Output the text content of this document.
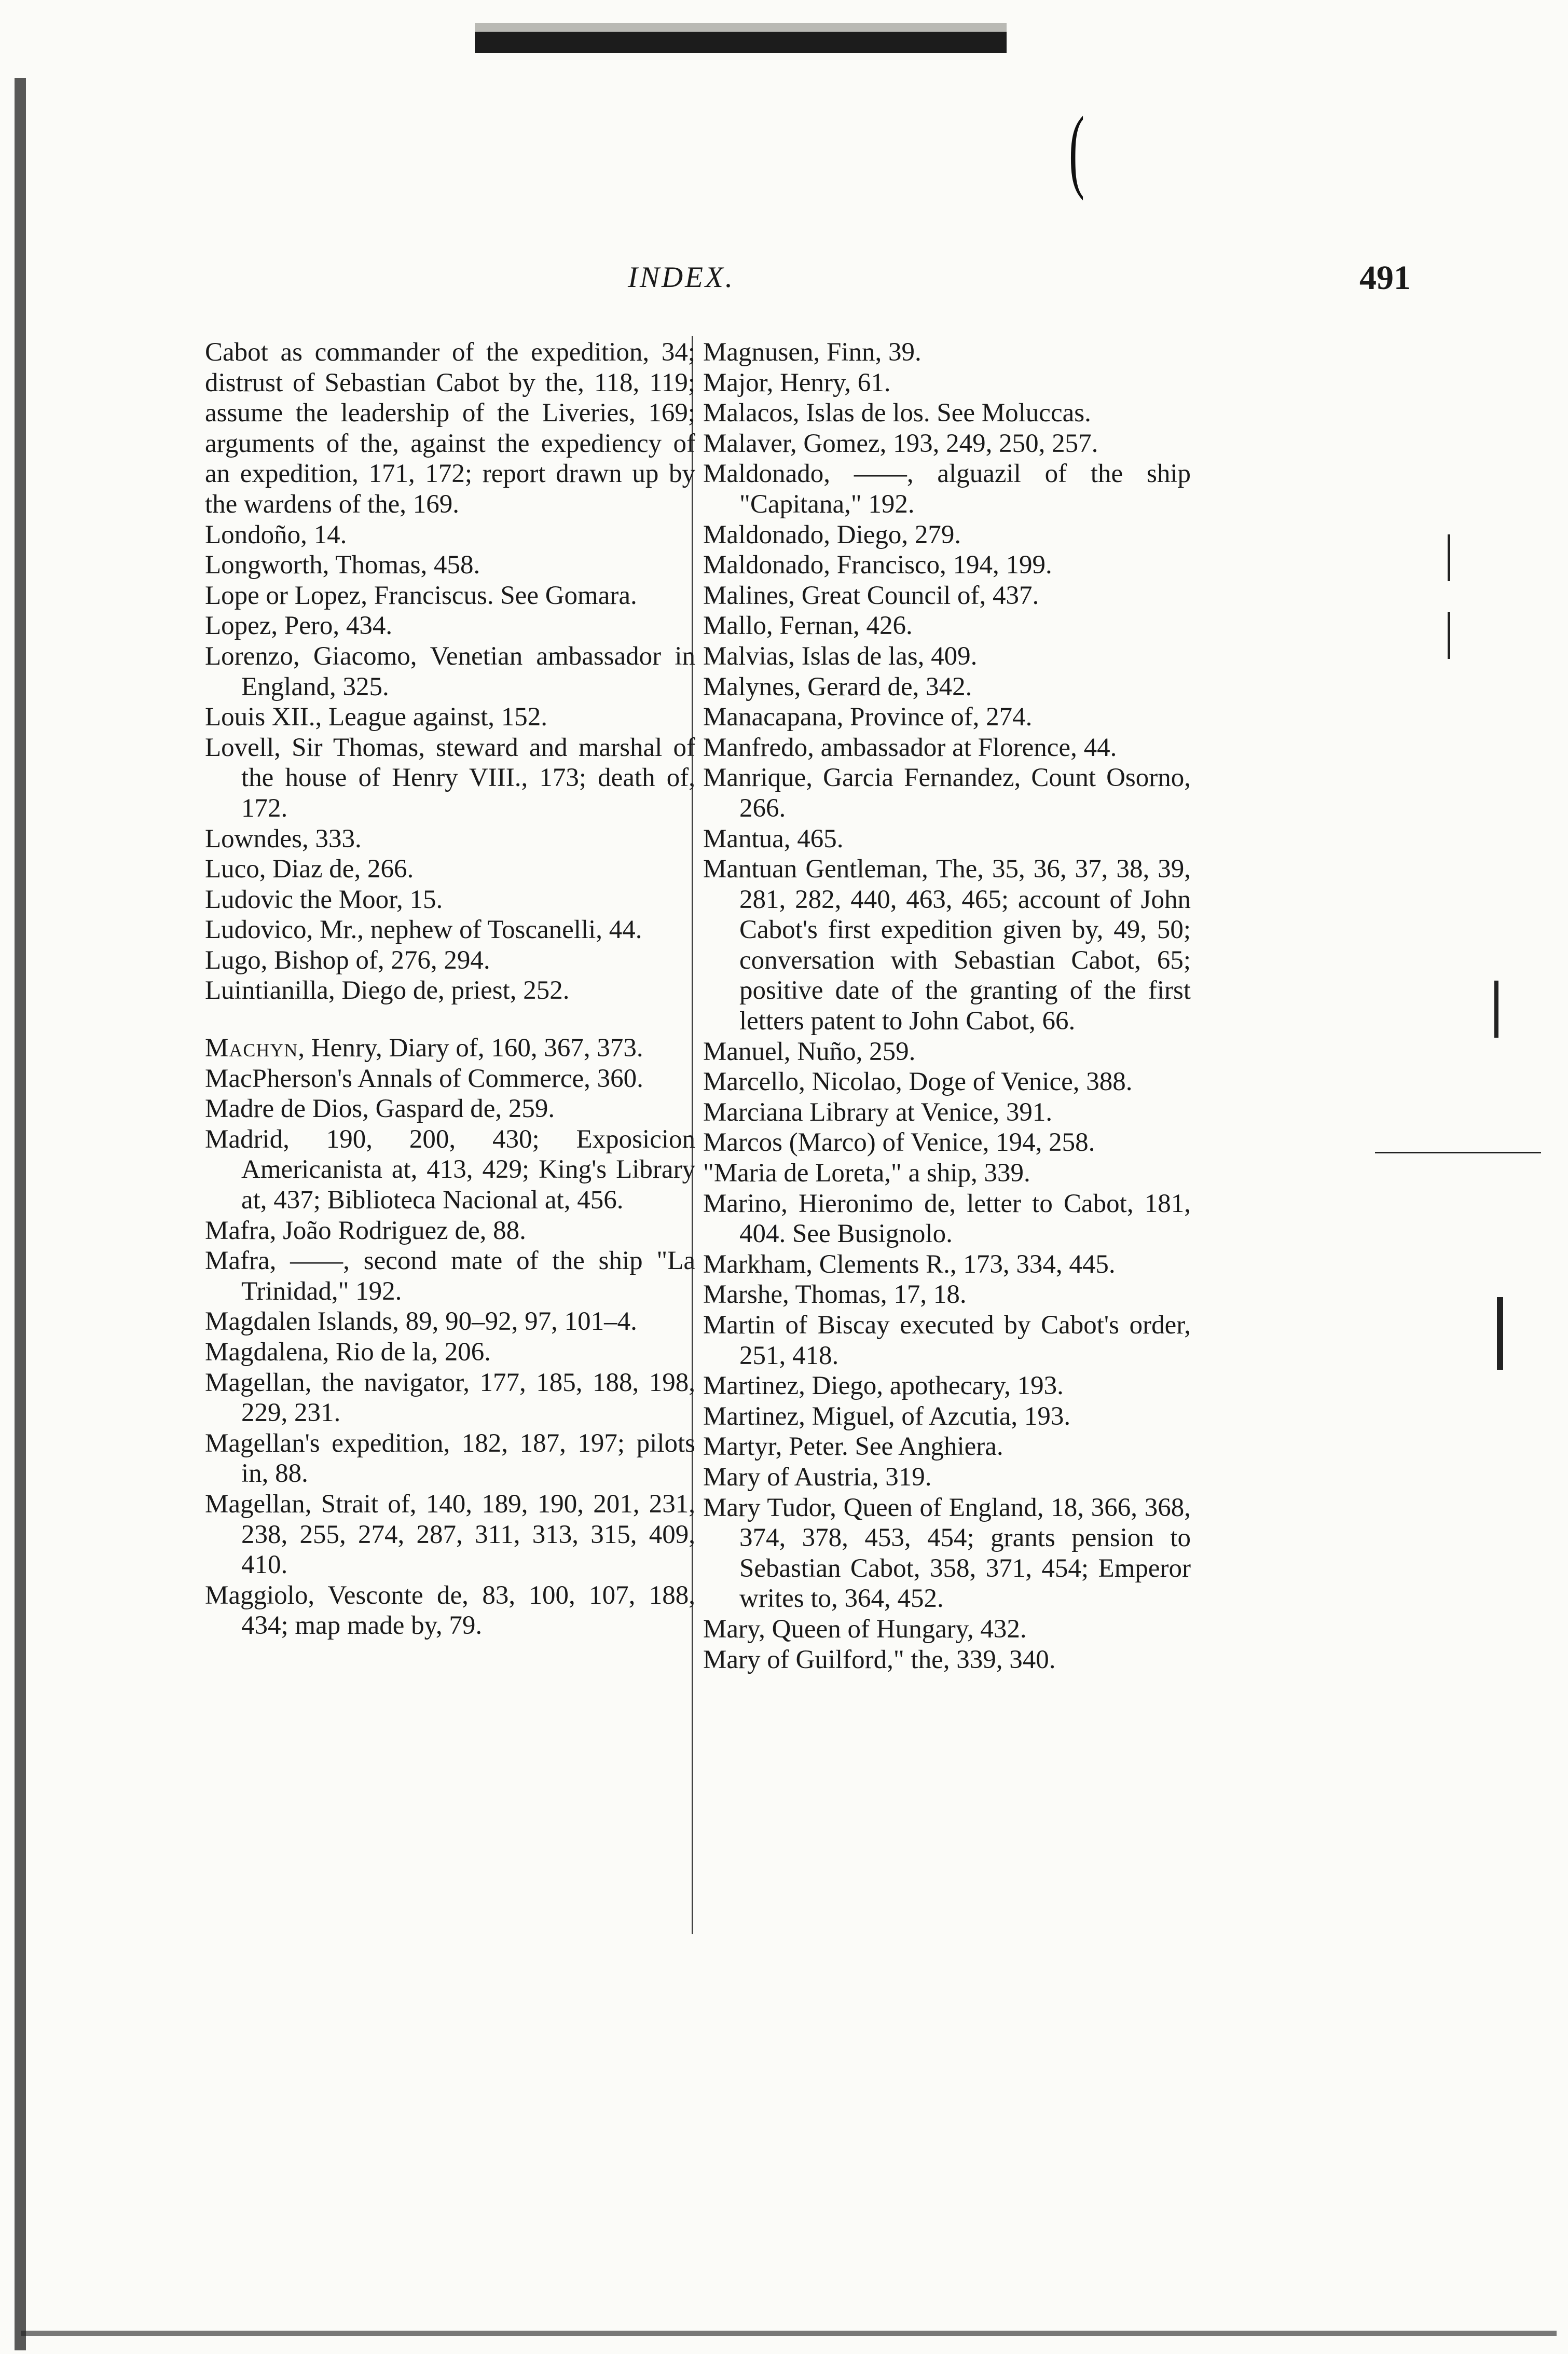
(
INDEX.	491

Cabot as commander of the expedition, 34; distrust of Sebastian Cabot by the, 118, 119; assume the leadership of the Liveries, 169; arguments of the, against the expediency of an expedition, 171, 172; report drawn up by the wardens of the, 169.

Londoño, 14.

Longworth, Thomas, 458.

Lope or Lopez, Franciscus. See Gomara.

Lopez, Pero, 434.

Lorenzo, Giacomo, Venetian ambassador in England, 325.

Louis XII., League against, 152.

Lovell, Sir Thomas, steward and marshal of the house of Henry VIII., 173; death of, 172.

Lowndes, 333.

Luco, Diaz de, 266.

Ludovic the Moor, 15.

Ludovico, Mr., nephew of Toscanelli, 44.

Lugo, Bishop of, 276, 294.

Luintianilla, Diego de, priest, 252.

Machyn, Henry, Diary of, 160, 367, 373.

MacPherson's Annals of Commerce, 360.

Madre de Dios, Gaspard de, 259.

Madrid, 190, 200, 430; Exposicion Americanista at, 413, 429; King's Library at, 437; Biblioteca Nacional at, 456.

Mafra, João Rodriguez de, 88.

Mafra, ——, second mate of the ship "La Trinidad," 192.

Magdalen Islands, 89, 90–92, 97, 101–4.

Magdalena, Rio de la, 206.

Magellan, the navigator, 177, 185, 188, 198, 229, 231.

Magellan's expedition, 182, 187, 197; pilots in, 88.

Magellan, Strait of, 140, 189, 190, 201, 231, 238, 255, 274, 287, 311, 313, 315, 409, 410.

Maggiolo, Vesconte de, 83, 100, 107, 188, 434; map made by, 79.

Magnusen, Finn, 39.

Major, Henry, 61.

Malacos, Islas de los. See Moluccas.

Malaver, Gomez, 193, 249, 250, 257.

Maldonado, ——, alguazil of the ship "Capitana," 192.

Maldonado, Diego, 279.

Maldonado, Francisco, 194, 199.

Malines, Great Council of, 437.

Mallo, Fernan, 426.

Malvias, Islas de las, 409.

Malynes, Gerard de, 342.

Manacapana, Province of, 274.

Manfredo, ambassador at Florence, 44.

Manrique, Garcia Fernandez, Count Osorno, 266.

Mantua, 465.

Mantuan Gentleman, The, 35, 36, 37, 38, 39, 281, 282, 440, 463, 465; account of John Cabot's first expedition given by, 49, 50; conversation with Sebastian Cabot, 65; positive date of the granting of the first letters patent to John Cabot, 66.

Manuel, Nuño, 259.

Marcello, Nicolao, Doge of Venice, 388.

Marciana Library at Venice, 391.

Marcos (Marco) of Venice, 194, 258.

"Maria de Loreta," a ship, 339.

Marino, Hieronimo de, letter to Cabot, 181, 404. See Busignolo.

Markham, Clements R., 173, 334, 445.

Marshe, Thomas, 17, 18.

Martin of Biscay executed by Cabot's order, 251, 418.

Martinez, Diego, apothecary, 193.

Martinez, Miguel, of Azcutia, 193.

Martyr, Peter. See Anghiera.

Mary of Austria, 319.

Mary Tudor, Queen of England, 18, 366, 368, 374, 378, 453, 454; grants pension to Sebastian Cabot, 358, 371, 454; Emperor writes to, 364, 452.

Mary, Queen of Hungary, 432.

Mary of Guilford," the, 339, 340.
